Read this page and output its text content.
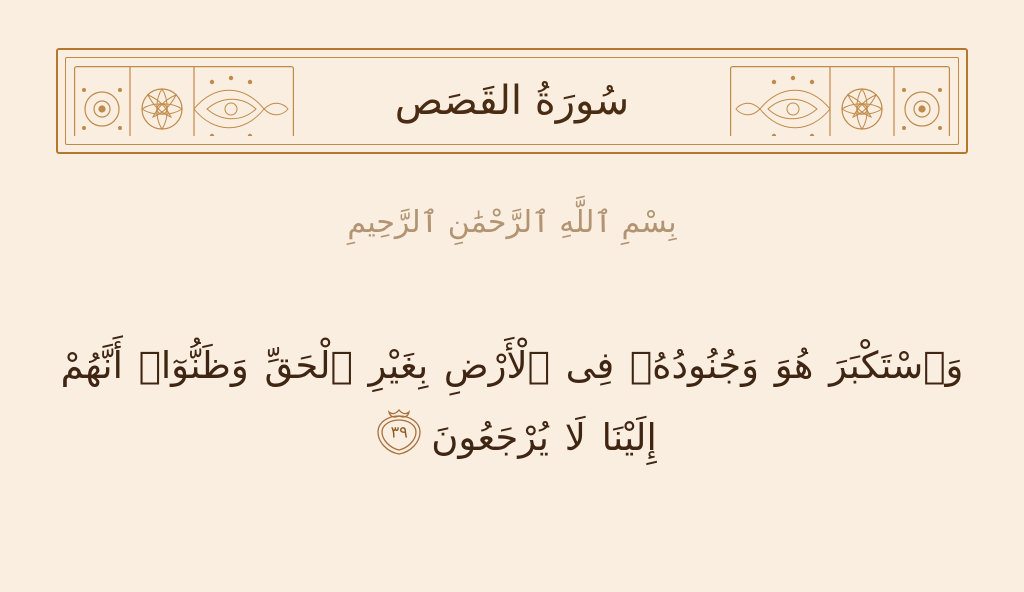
سُورَةُ القَصَص
بِسْمِ ٱللَّهِ ٱلرَّحْمَٰنِ ٱلرَّحِيمِ
وَٱسْتَكْبَرَ هُوَ وَجُنُودُهُۥ فِى ٱلْأَرْضِ بِغَيْرِ ٱلْحَقِّ وَظَنُّوٓا۟ أَنَّهُمْ إِلَيْنَا لَا يُرْجَعُونَ
٣٩
